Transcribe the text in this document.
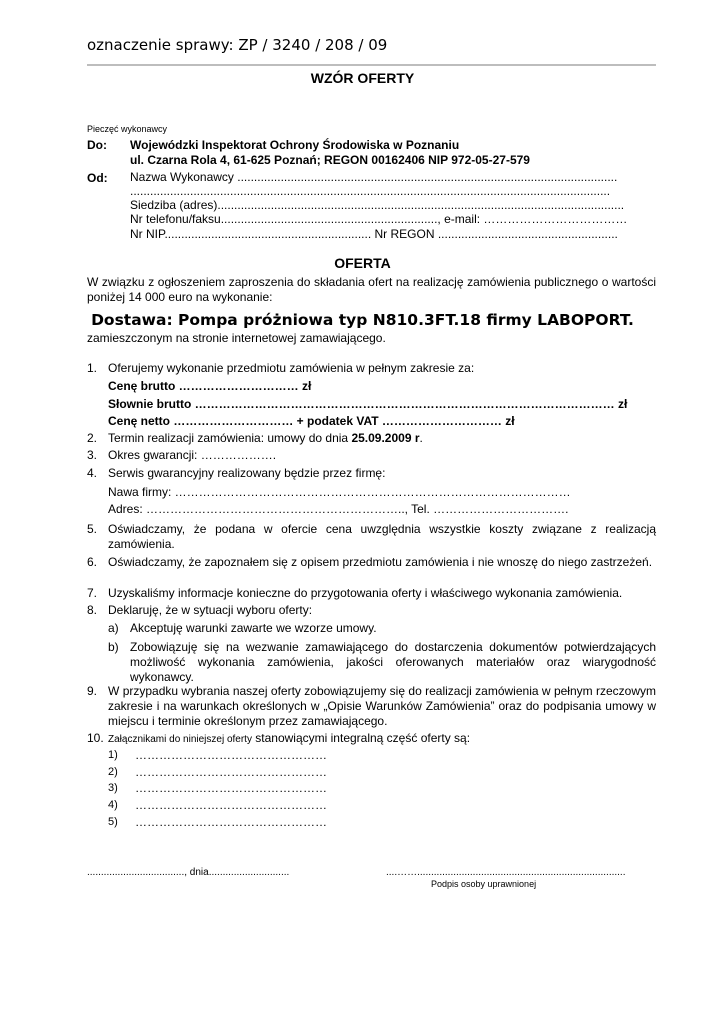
oznaczenie sprawy: ZP / 3240 / 208 / 09
WZÓR OFERTY
Pieczęć wykonawcy
Do: Wojewódzki Inspektorat Ochrony Środowiska w Poznaniu
ul. Czarna Rola 4, 61-625 Poznań; REGON 00162406 NIP 972-05-27-579
Od: Nazwa Wykonawcy ..................................................................................................................
................................................................................................................................................
Siedziba (adres)..........................................................................................................................
Nr telefonu/faksu................................................................., e-mail: ………………………………
Nr NIP.............................................................. Nr REGON ......................................................
OFERTA
W związku z ogłoszeniem zaproszenia do składania ofert na realizację zamówienia publicznego o wartości poniżej 14 000 euro na wykonanie:
Dostawa: Pompa próżniowa typ N810.3FT.18 firmy LABOPORT.
zamieszczonym na stronie internetowej zamawiającego.
1. Oferujemy wykonanie przedmiotu zamówienia w pełnym zakresie za:
Cenę brutto ………………………… zł
Słownie brutto …………………………………………………………………………………………… zł
Cenę netto ………………………… + podatek VAT ………………………… zł
2. Termin realizacji zamówienia: umowy do dnia 25.09.2009 r.
3. Okres gwarancji: ……………….
4. Serwis gwarancyjny realizowany będzie przez firmę:
Nawa firmy: ………………………………………………………………………………………
Adres: ……………………………………………………….., Tel. …………………………….
5. Oświadczamy, że podana w ofercie cena uwzględnia wszystkie koszty związane z realizacją zamówienia.
6. Oświadczamy, że zapoznałem się z opisem przedmiotu zamówienia i nie wnoszę do niego zastrzeżeń.
7. Uzyskaliśmy informacje konieczne do przygotowania oferty i właściwego wykonania zamówienia.
8. Deklaruję, że w sytuacji wyboru oferty:
a) Akceptuję warunki zawarte we wzorze umowy.
b) Zobowiązuję się na wezwanie zamawiającego do dostarczenia dokumentów potwierdzających możliwość wykonania zamówienia, jakości oferowanych materiałów oraz wiarygodność wykonawcy.
9. W przypadku wybrania naszej oferty zobowiązujemy się do realizacji zamówienia w pełnym rzeczowym zakresie i na warunkach określonych w „Opisie Warunków Zamówienia” oraz do podpisania umowy w miejscu i terminie określonym przez zamawiającego.
10. Załącznikami do niniejszej oferty stanowiącymi integralną część oferty są:
1) …………………………………………
2) …………………………………………
3) …………………………………………
4) …………………………………………
5) …………………………………………
..................................., dnia.............................	....……...........................................................................
Podpis osoby uprawnionej
